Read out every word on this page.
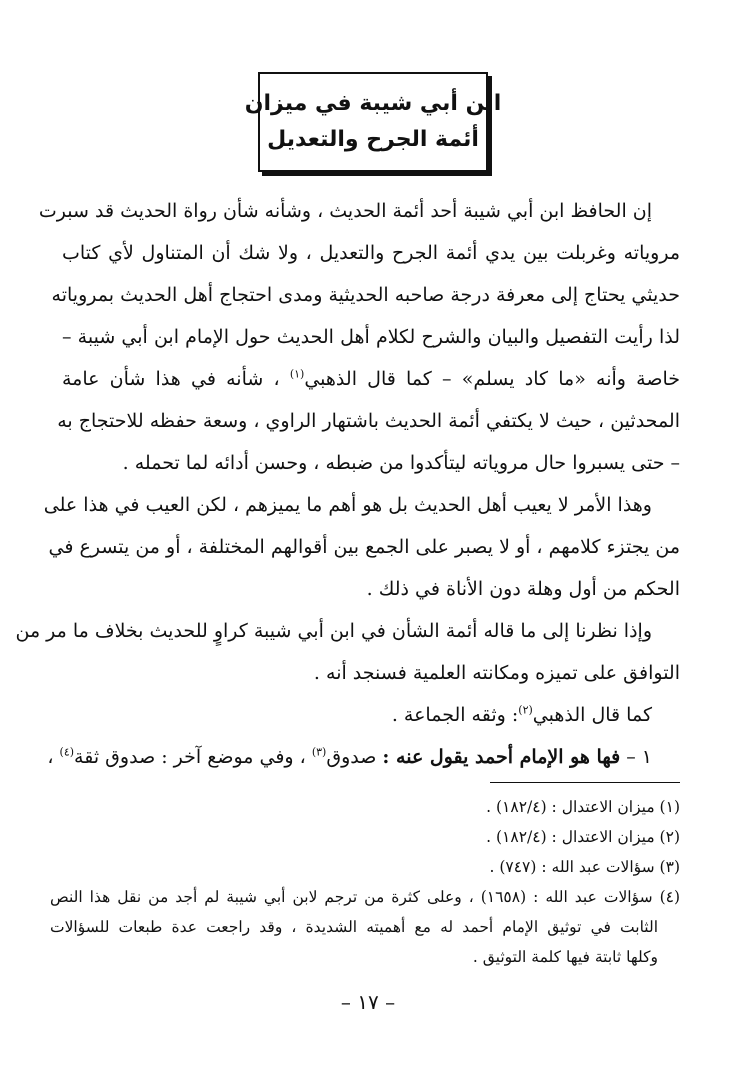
ابن أبي شيبة في ميزان
أئمة الجرح والتعديل
إن الحافظ ابن أبي شيبة أحد أئمة الحديث ، وشأنه شأن رواة الحديث قد سبرت
مروياته وغربلت بين يدي أئمة الجرح والتعديل ، ولا شك أن المتناول لأي كتاب
حديثي يحتاج إلى معرفة درجة صاحبه الحديثية ومدى احتجاج أهل الحديث بمروياته
لذا رأيت التفصيل والبيان والشرح لكلام أهل الحديث حول الإمام ابن أبي شيبة –
خاصة وأنه «ما كاد يسلم» – كما قال الذهبي$^{(١)}$ ، شأنه في هذا شأن عامة
المحدثين ، حيث لا يكتفي أئمة الحديث باشتهار الراوي ، وسعة حفظه للاحتجاج به
– حتى يسبروا حال مروياته ليتأكدوا من ضبطه ، وحسن أدائه لما تحمله .
وهذا الأمر لا يعيب أهل الحديث بل هو أهم ما يميزهم ، لكن العيب في هذا على
من يجتزء كلامهم ، أو لا يصبر على الجمع بين أقوالهم المختلفة ، أو من يتسرع في
الحكم من أول وهلة دون الأناة في ذلك .
وإذا نظرنا إلى ما قاله أئمة الشأن في ابن أبي شيبة كراوٍ للحديث بخلاف ما مر من
التوافق على تميزه ومكانته العلمية فسنجد أنه .
كما قال الذهبي$^{(٢)}$: وثقه الجماعة .
١ – فها هو الإمام أحمد يقول عنه : صدوق$^{(٣)}$ ، وفي موضع آخر : صدوق ثقة$^{(٤)}$ ،
(١) ميزان الاعتدال : (١٨٢/٤) .
(٢) ميزان الاعتدال : (١٨٢/٤) .
(٣) سؤالات عبد الله : (٧٤٧) .
(٤) سؤالات عبد الله : (١٦٥٨) ، وعلى كثرة من ترجم لابن أبي شيبة لم أجد من نقل هذا النص
الثابت في توثيق الإمام أحمد له مع أهميته الشديدة ، وقد راجعت عدة طبعات للسؤالات
وكلها ثابتة فيها كلمة التوثيق .
– ١٧ –
